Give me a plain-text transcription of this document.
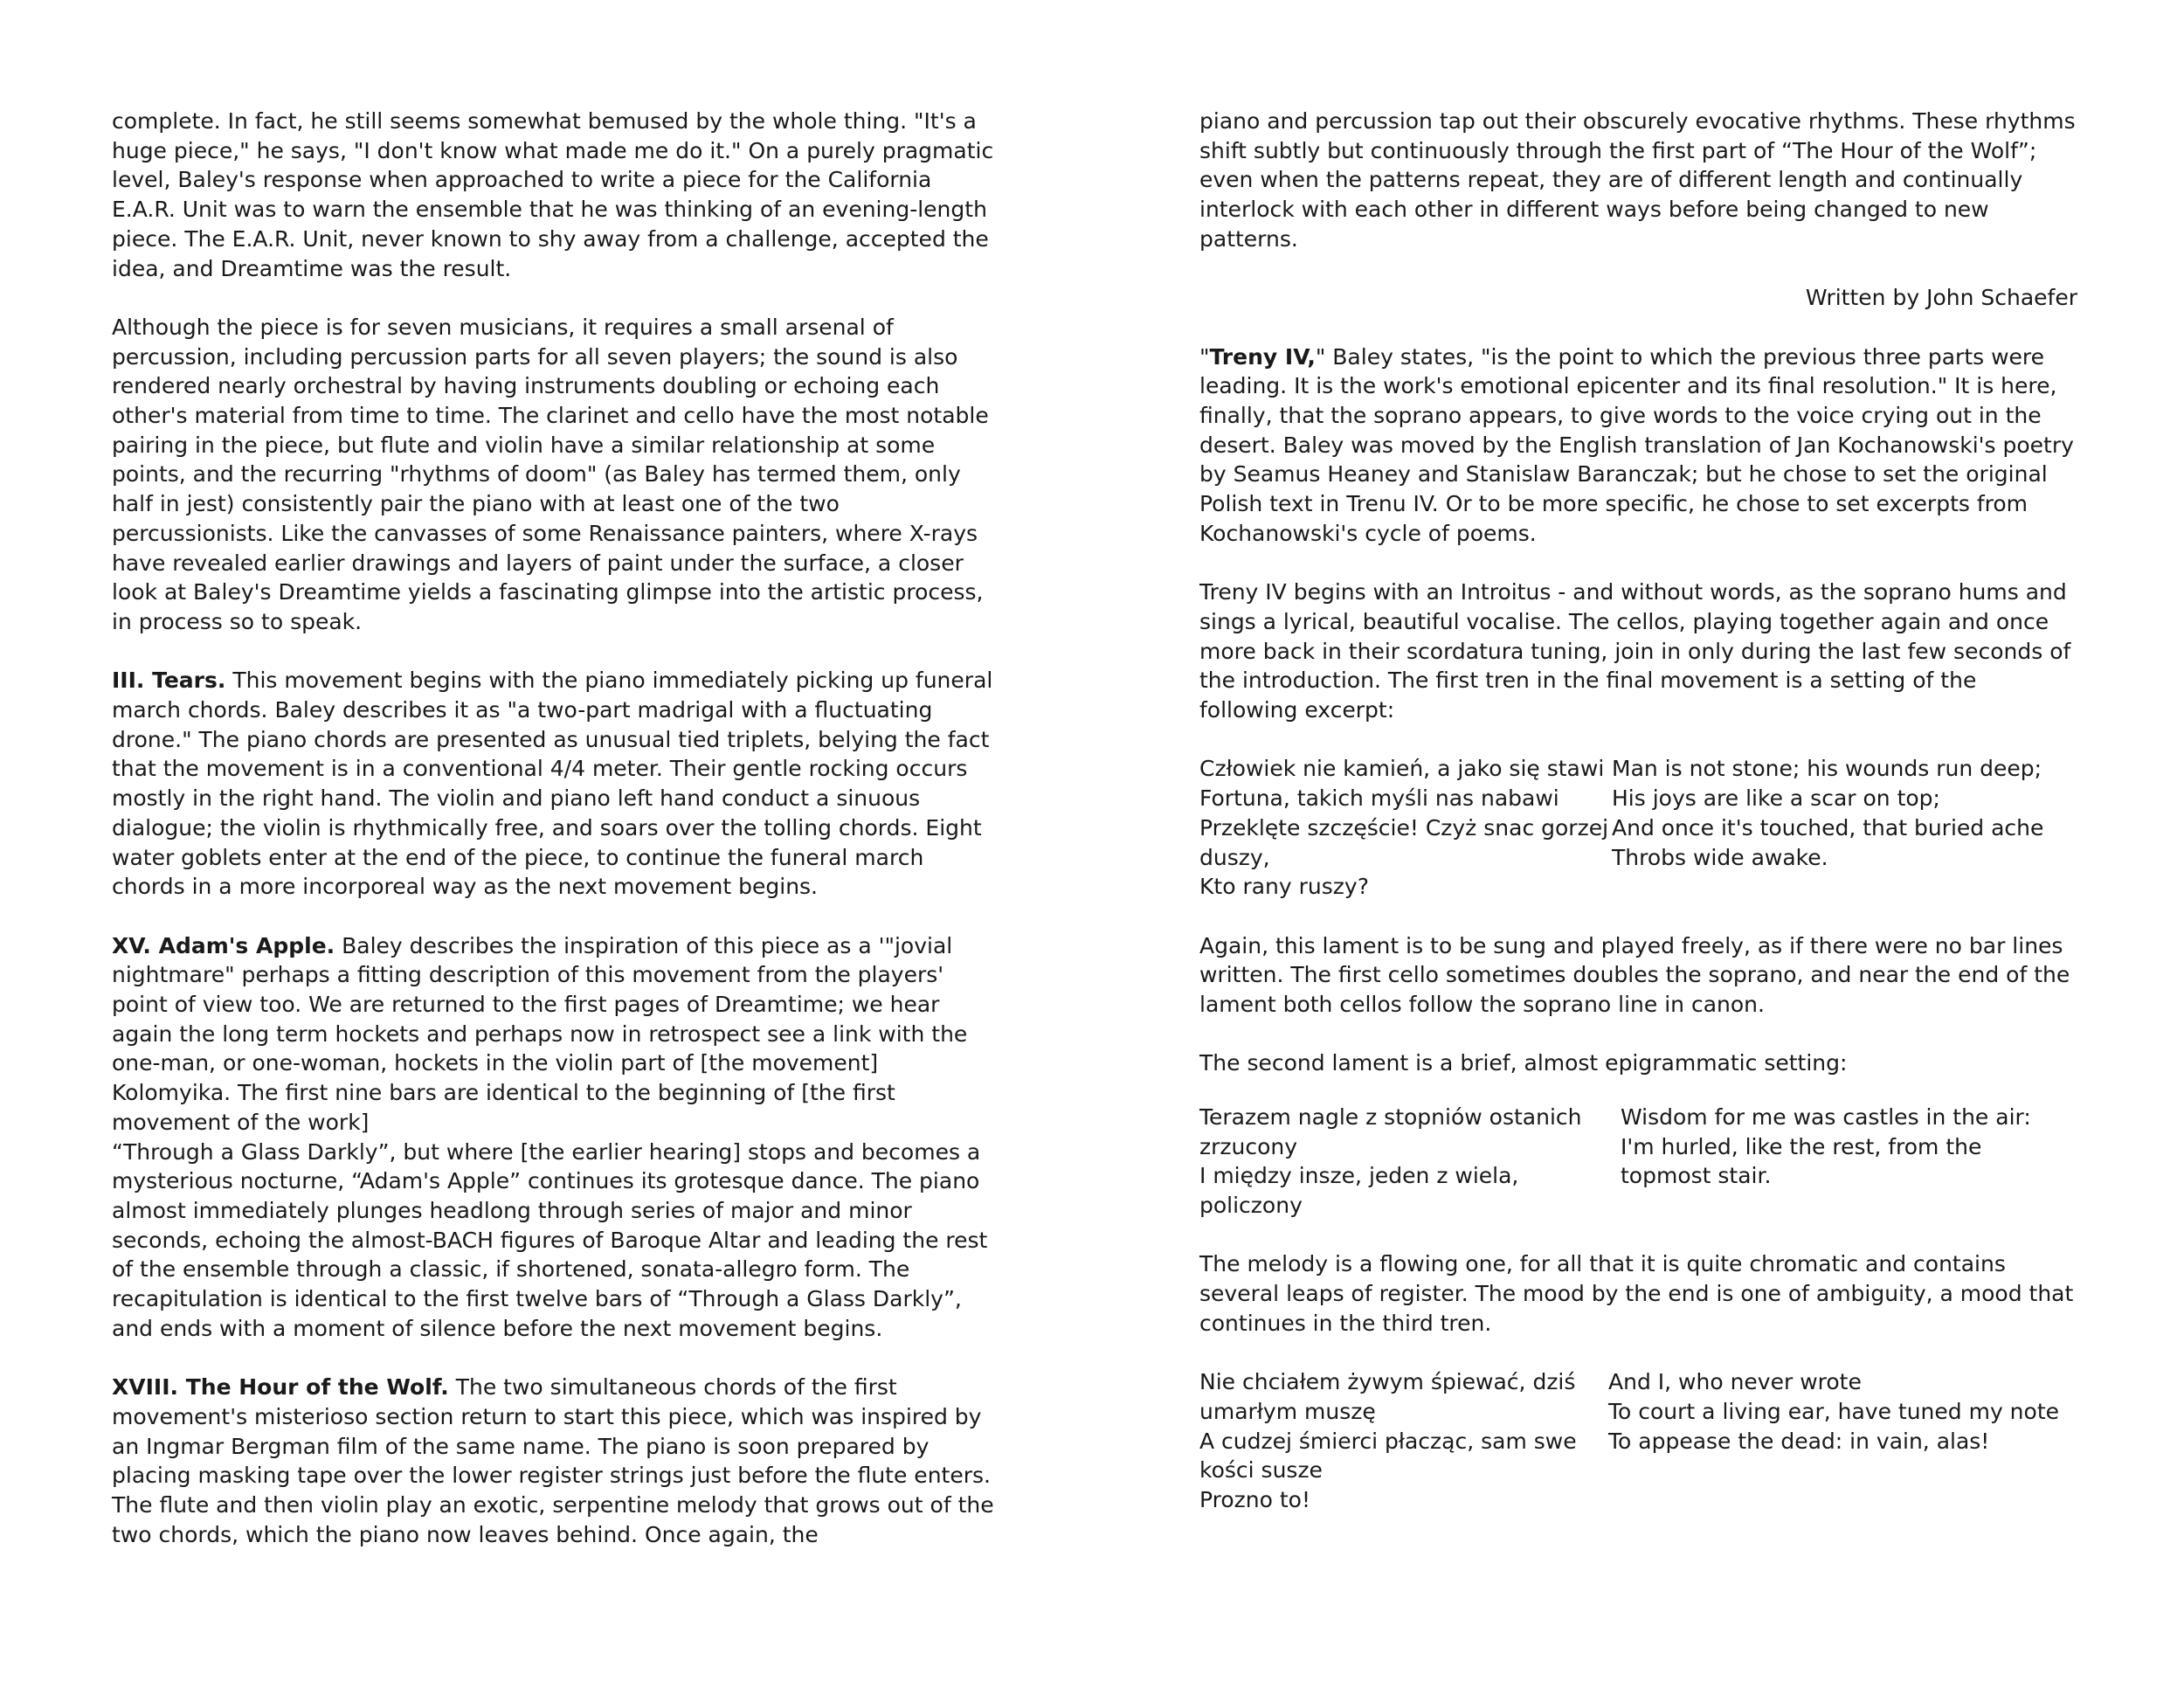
complete. In fact, he still seems somewhat bemused by the whole thing. "It's a huge piece," he says, "I don't know what made me do it." On a purely pragmatic level, Baley's response when approached to write a piece for the California E.A.R. Unit was to warn the ensemble that he was thinking of an evening-length piece. The E.A.R. Unit, never known to shy away from a challenge, accepted the idea, and Dreamtime was the result.

Although the piece is for seven musicians, it requires a small arsenal of percussion, including percussion parts for all seven players; the sound is also rendered nearly orchestral by having instruments doubling or echoing each other's material from time to time. The clarinet and cello have the most notable pairing in the piece, but flute and violin have a similar relationship at some points, and the recurring "rhythms of doom" (as Baley has termed them, only half in jest) consistently pair the piano with at least one of the two percussionists. Like the canvasses of some Renaissance painters, where X-rays have revealed earlier drawings and layers of paint under the surface, a closer look at Baley's Dreamtime yields a fascinating glimpse into the artistic process, in process so to speak.

III. Tears. This movement begins with the piano immediately picking up funeral march chords. Baley describes it as "a two-part madrigal with a fluctuating drone." The piano chords are presented as unusual tied triplets, belying the fact that the movement is in a conventional 4/4 meter. Their gentle rocking occurs mostly in the right hand. The violin and piano left hand conduct a sinuous dialogue; the violin is rhythmically free, and soars over the tolling chords. Eight water goblets enter at the end of the piece, to continue the funeral march chords in a more incorporeal way as the next movement begins.

XV. Adam's Apple. Baley describes the inspiration of this piece as a '"jovial nightmare" perhaps a fitting description of this movement from the players' point of view too. We are returned to the first pages of Dreamtime; we hear again the long term hockets and perhaps now in retrospect see a link with the one-man, or one-woman, hockets in the violin part of [the movement] Kolomyika. The first nine bars are identical to the beginning of [the first movement of the work]
“Through a Glass Darkly”, but where [the earlier hearing] stops and becomes a mysterious nocturne, “Adam's Apple” continues its grotesque dance. The piano almost immediately plunges headlong through series of major and minor seconds, echoing the almost-BACH figures of Baroque Altar and leading the rest of the ensemble through a classic, if shortened, sonata-allegro form. The recapitulation is identical to the first twelve bars of “Through a Glass Darkly”, and ends with a moment of silence before the next movement begins.

XVIII. The Hour of the Wolf. The two simultaneous chords of the first movement's misterioso section return to start this piece, which was inspired by an Ingmar Bergman film of the same name. The piano is soon prepared by placing masking tape over the lower register strings just before the flute enters. The flute and then violin play an exotic, serpentine melody that grows out of the two chords, which the piano now leaves behind. Once again, the

piano and percussion tap out their obscurely evocative rhythms. These rhythms shift subtly but continuously through the first part of “The Hour of the Wolf”; even when the patterns repeat, they are of different length and continually interlock with each other in different ways before being changed to new patterns.

Written by John Schaefer

"Treny IV," Baley states, "is the point to which the previous three parts were leading. It is the work's emotional epicenter and its final resolution." It is here, finally, that the soprano appears, to give words to the voice crying out in the desert. Baley was moved by the English translation of Jan Kochanowski's poetry by Seamus Heaney and Stanislaw Baranczak; but he chose to set the original Polish text in Trenu IV. Or to be more specific, he chose to set excerpts from Kochanowski's cycle of poems.

Treny IV begins with an Introitus - and without words, as the soprano hums and sings a lyrical, beautiful vocalise. The cellos, playing together again and once more back in their scordatura tuning, join in only during the last few seconds of the introduction. The first tren in the final movement is a setting of the following excerpt:

Człowiek nie kamień, a jako się stawi
Fortuna, takich myśli nas nabawi
Przeklęte szczęście! Czyż snac gorzej duszy,
Kto rany ruszy?
Man is not stone; his wounds run deep;
His joys are like a scar on top;
And once it's touched, that buried ache
Throbs wide awake.

Again, this lament is to be sung and played freely, as if there were no bar lines written. The first cello sometimes doubles the soprano, and near the end of the lament both cellos follow the soprano line in canon.

The second lament is a brief, almost epigrammatic setting:

Terazem nagle z stopniów ostanich zrzucony
I między insze, jeden z wiela, policzony
Wisdom for me was castles in the air:
I'm hurled, like the rest, from the topmost stair.

The melody is a flowing one, for all that it is quite chromatic and contains several leaps of register. The mood by the end is one of ambiguity, a mood that continues in the third tren.

Nie chciałem żywym śpiewać, dziś umarłym muszę
A cudzej śmierci płacząc, sam swe kości susze
Prozno to!
And I, who never wrote
To court a living ear, have tuned my note
To appease the dead: in vain, alas!
